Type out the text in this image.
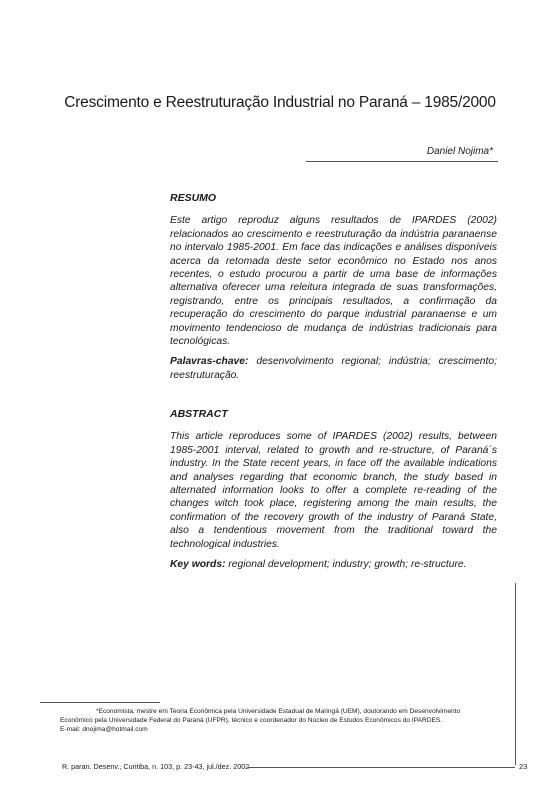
Crescimento e Reestruturação Industrial no Paraná – 1985/2000

Daniel Nojima*

RESUMO

Este artigo reproduz alguns resultados de IPARDES (2002) relacionados ao crescimento e reestruturação da indústria paranaense no intervalo 1985-2001. Em face das indicações e análises disponíveis acerca da retomada deste setor econômico no Estado nos anos recentes, o estudo procurou a partir de uma base de informações alternativa oferecer uma releitura integrada de suas transformações, registrando, entre os principais resultados, a confirmação da recuperação do crescimento do parque industrial paranaense e um movimento tendencioso de mudança de indústrias tradicionais para tecnológicas.

Palavras-chave: desenvolvimento regional; indústria; crescimento; reestruturação.

ABSTRACT

This article reproduces some of IPARDES (2002) results, between 1985-2001 interval, related to growth and re-structure, of Paraná´s industry. In the State recent years, in face off the available indications and analyses regarding that economic branch, the study based in alternated information looks to offer a complete re-reading of the changes witch took place, registering among the main results, the confirmation of the recovery growth of the industry of Paraná State, also a tendentious movement from the traditional toward the technological industries.

Key words: regional development; industry; growth; re-structure.

*Economista, mestre em Teoria Econômica pela Universidade Estadual de Maringá (UEM), doutorando em Desenvolvimento

Econômico pela Universidade Federal do Paraná (UFPR), técnico e coordenador do Núcleo de Estudos Econômicos do IPARDES.

E-mail: dnojima@hotmail.com

R. paran. Desenv., Curitiba, n. 103, p. 23-43, jul./dez. 2002	23
